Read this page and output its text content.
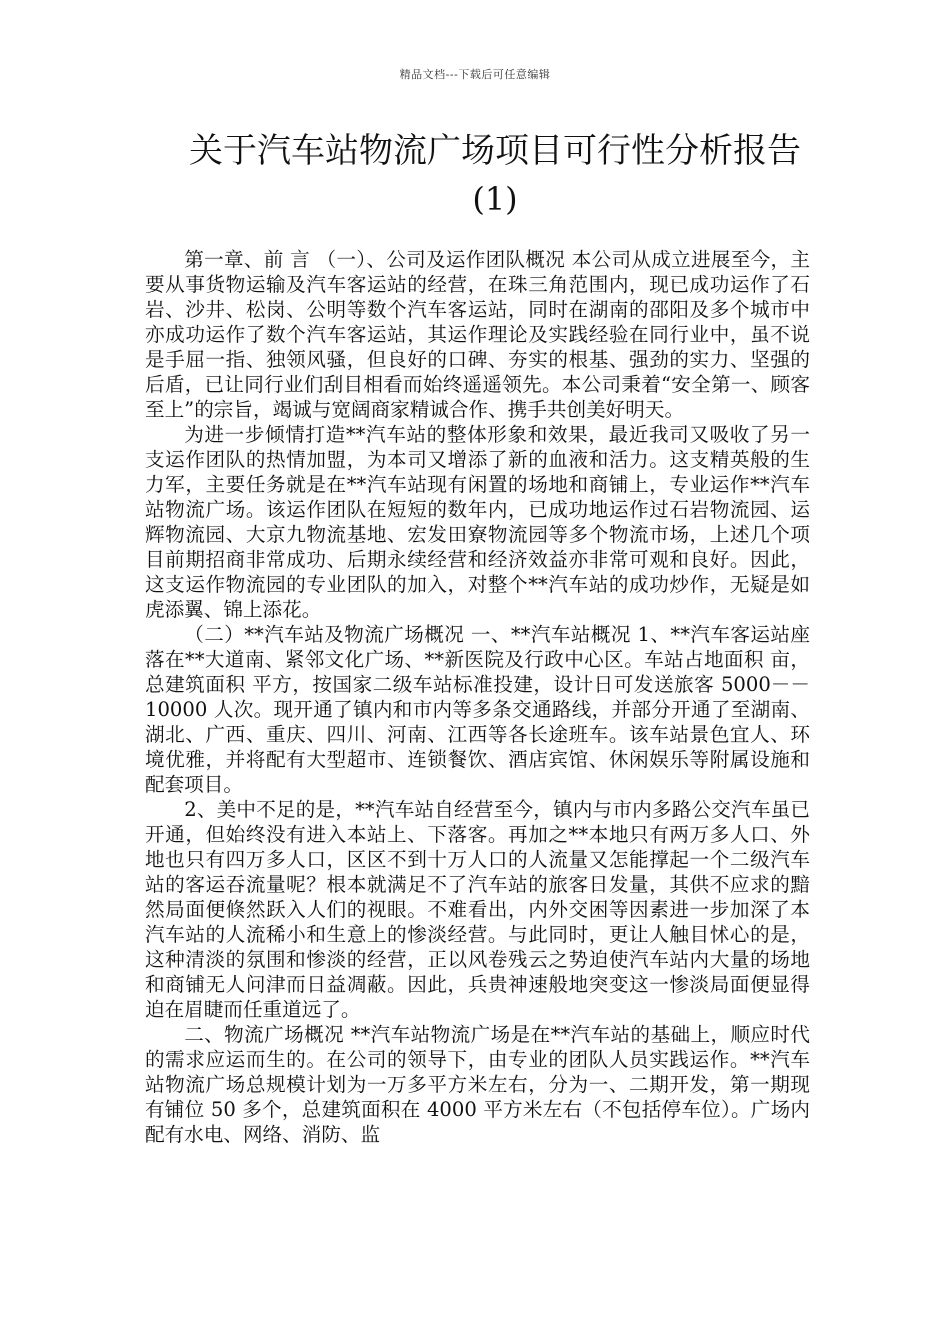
精品文档---下载后可任意编辑
关于汽车站物流广场项目可行性分析报告
(1)

第一章、前 言 （一）、公司及运作团队概况 本公司从成立进展至今，主要从事货物运输及汽车客运站的经营，在珠三角范围内，现已成功运作了石岩、沙井、松岗、公明等数个汽车客运站，同时在湖南的邵阳及多个城市中亦成功运作了数个汽车客运站，其运作理论及实践经验在同行业中，虽不说是手屈一指、独领风骚，但良好的口碑、夯实的根基、强劲的实力、坚强的后盾，已让同行业们刮目相看而始终遥遥领先。本公司秉着“安全第一、顾客至上”的宗旨，竭诚与宽阔商家精诚合作、携手共创美好明天。

为进一步倾情打造**汽车站的整体形象和效果，最近我司又吸收了另一支运作团队的热情加盟，为本司又增添了新的血液和活力。这支精英般的生力军，主要任务就是在**汽车站现有闲置的场地和商铺上，专业运作**汽车站物流广场。该运作团队在短短的数年内，已成功地运作过石岩物流园、运辉物流园、大京九物流基地、宏发田寮物流园等多个物流市场，上述几个项目前期招商非常成功、后期永续经营和经济效益亦非常可观和良好。因此，这支运作物流园的专业团队的加入，对整个**汽车站的成功炒作，无疑是如虎添翼、锦上添花。

（二）**汽车站及物流广场概况 一、**汽车站概况 1、**汽车客运站座落在**大道南、紧邻文化广场、**新医院及行政中心区。车站占地面积 亩，总建筑面积 平方，按国家二级车站标准投建，设计日可发送旅客 5000－－10000 人次。现开通了镇内和市内等多条交通路线，并部分开通了至湖南、湖北、广西、重庆、四川、河南、江西等各长途班车。该车站景色宜人、环境优雅，并将配有大型超市、连锁餐饮、酒店宾馆、休闲娱乐等附属设施和配套项目。

2、美中不足的是，**汽车站自经营至今，镇内与市内多路公交汽车虽已开通，但始终没有进入本站上、下落客。再加之**本地只有两万多人口、外地也只有四万多人口，区区不到十万人口的人流量又怎能撑起一个二级汽车站的客运吞流量呢？根本就满足不了汽车站的旅客日发量，其供不应求的黯然局面便倏然跃入人们的视眼。不难看出，内外交困等因素进一步加深了本汽车站的人流稀小和生意上的惨淡经营。与此同时，更让人触目怵心的是，这种清淡的氛围和惨淡的经营，正以风卷残云之势迫使汽车站内大量的场地和商铺无人问津而日益凋蔽。因此，兵贵神速般地突变这一惨淡局面便显得迫在眉睫而任重道远了。

二、物流广场概况 **汽车站物流广场是在**汽车站的基础上，顺应时代的需求应运而生的。在公司的领导下，由专业的团队人员实践运作。**汽车站物流广场总规模计划为一万多平方米左右，分为一、二期开发，第一期现有铺位 50 多个，总建筑面积在 4000 平方米左右（不包括停车位）。广场内配有水电、网络、消防、监
